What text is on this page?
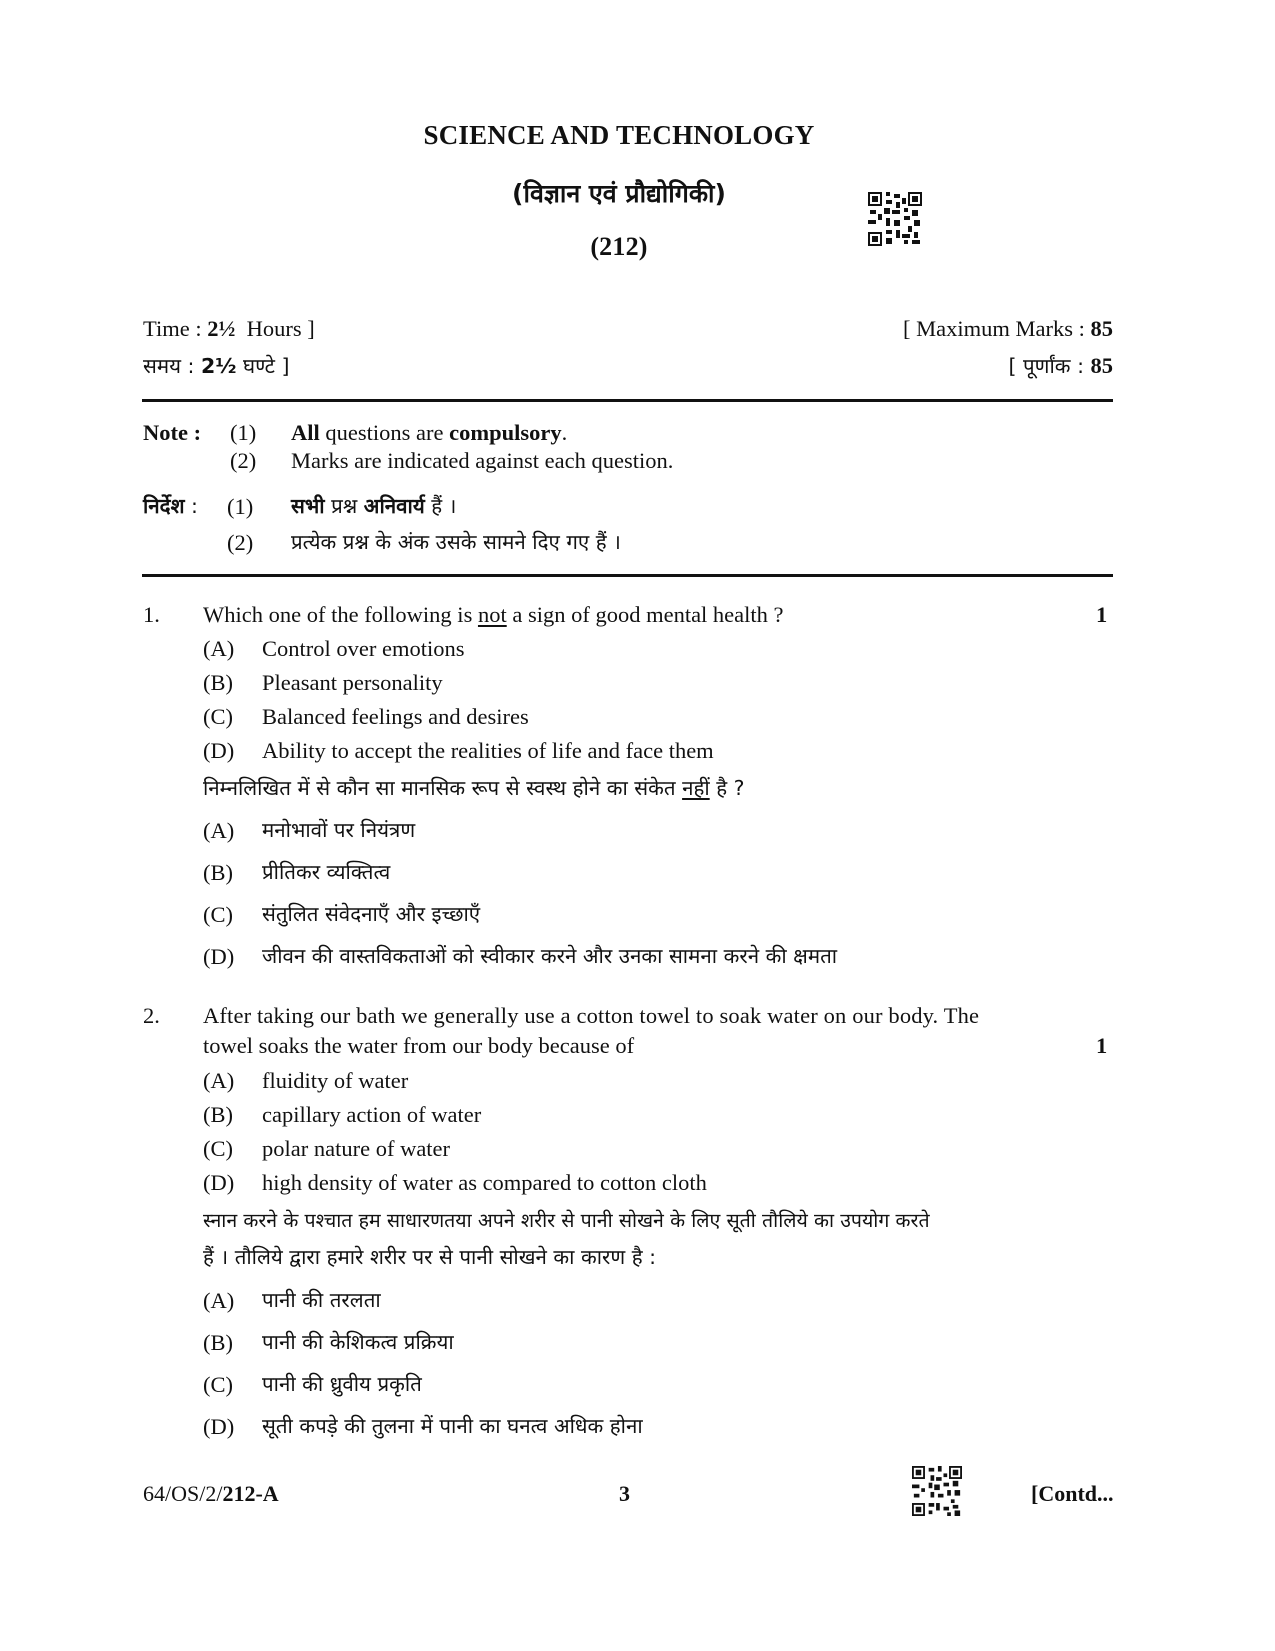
SCIENCE AND TECHNOLOGY
(विज्ञान एवं प्रौद्योगिकी)
(212)
Time : 2½  Hours ]	[ Maximum Marks : 85
समय : 2½ घण्टे ]	[ पूर्णांक : 85
Note : (1) All questions are compulsory.
(2) Marks are indicated against each question.
निर्देश : (1) सभी प्रश्न अनिवार्य हैं ।
(2) प्रत्येक प्रश्न के अंक उसके सामने दिए गए हैं ।
1. Which one of the following is not a sign of good mental health ?	1
(A) Control over emotions
(B) Pleasant personality
(C) Balanced feelings and desires
(D) Ability to accept the realities of life and face them
निम्नलिखित में से कौन सा मानसिक रूप से स्वस्थ होने का संकेत नहीं है ?
(A) मनोभावों पर नियंत्रण
(B) प्रीतिकर व्यक्तित्व
(C) संतुलित संवेदनाएँ और इच्छाएँ
(D) जीवन की वास्तविकताओं को स्वीकार करने और उनका सामना करने की क्षमता
2. After taking our bath we generally use a cotton towel to soak water on our body. The
towel soaks the water from our body because of	1
(A) fluidity of water
(B) capillary action of water
(C) polar nature of water
(D) high density of water as compared to cotton cloth
स्नान करने के पश्चात हम साधारणतया अपने शरीर से पानी सोखने के लिए सूती तौलिये का उपयोग करते
हैं । तौलिये द्वारा हमारे शरीर पर से पानी सोखने का कारण है :
(A) पानी की तरलता
(B) पानी की केशिकत्व प्रक्रिया
(C) पानी की ध्रुवीय प्रकृति
(D) सूती कपड़े की तुलना में पानी का घनत्व अधिक होना
64/OS/2/212-A	3	[Contd...
